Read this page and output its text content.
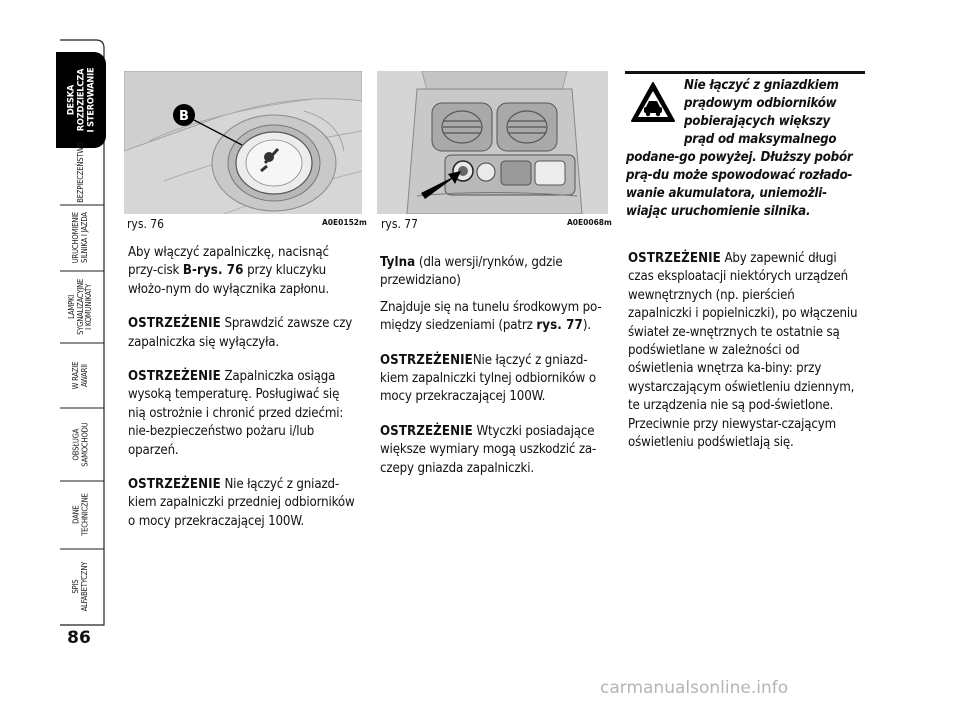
DESKA
ROZDZIELCZA
I STEROWANIE
BEZPIECZEŃSTWO
URUCHOMIENIE
SILNIKA I JAZDA
LAMPKI
SYGNALIZACYJNE
I KOMUNIKATY
W RAZIE
AWARII
OBSŁUGA
SAMOCHODU
DANE
TECHNICZNE
SPIS
ALFABETYCZNY
86
B
rys. 76	A0E0152m rys. 77	A0E0068m

Aby włączyć zapalniczkę, nacisnąć przy-cisk B-rys. 76 przy kluczyku włożo-nym do wyłącznika zapłonu.

OSTRZEŻENIE Sprawdzić zawsze czy zapalniczka się wyłączyła.

OSTRZEŻENIE Zapalniczka osiąga wysoką temperaturę. Posługiwać się nią ostrożnie i chronić przed dziećmi: nie-bezpieczeństwo pożaru i/lub oparzeń.

OSTRZEŻENIE Nie łączyć z gniazd-kiem zapalniczki przedniej odbiorników o mocy przekraczającej 100W.

Tylna (dla wersji/rynków, gdzie przewidziano)

Znajduje się na tunelu środkowym po-między siedzeniami (patrz rys. 77).

OSTRZEŻENIENie łączyć z gniazd-kiem zapalniczki tylnej odbiorników o mocy przekraczającej 100W.

OSTRZEŻENIE Wtyczki posiadające większe wymiary mogą uszkodzić za-czepy gniazda zapalniczki.

Nie łączyć z gniazdkiem prądowym odbiorników pobierających większy prąd od maksymalnego podane-go powyżej. Dłuższy pobór prą-du może spowodować rozłado-wanie akumulatora, uniemożli-wiając uruchomienie silnika.

OSTRZEŻENIE Aby zapewnić długi czas eksploatacji niektórych urządzeń wewnętrznych (np. pierścień zapalniczki i popielniczki), po włączeniu świateł ze-wnętrznych te ostatnie są podświetlane w zależności od oświetlenia wnętrza ka-biny: przy wystarczającym oświetleniu dziennym, te urządzenia nie są pod-świetlone. Przeciwnie przy niewystar-czającym oświetleniu podświetlają się.

carmanualsonline.info
